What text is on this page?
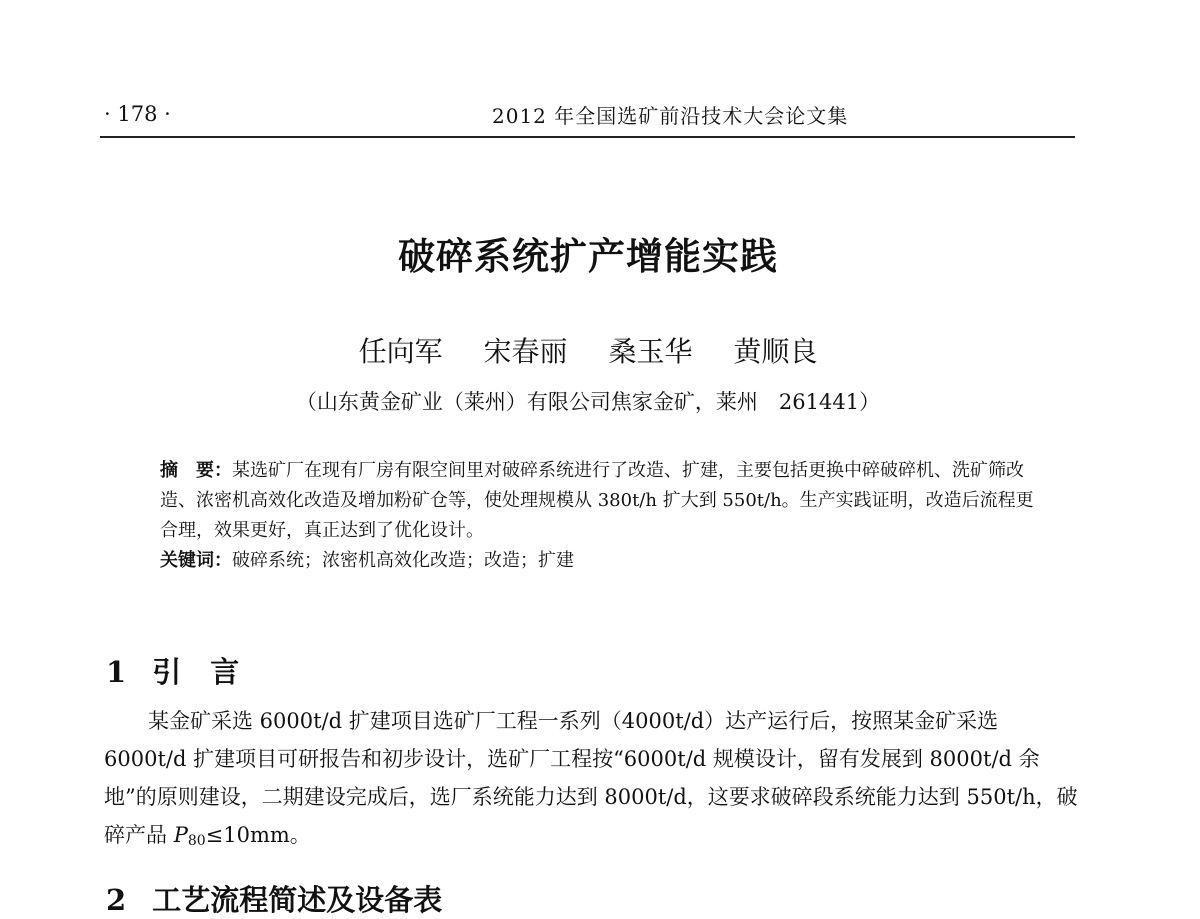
· 178 ·	2012 年全国选矿前沿技术大会论文集
破碎系统扩产增能实践
任向军 宋春丽 桑玉华 黄顺良
（山东黄金矿业（莱州）有限公司焦家金矿，莱州　261441）

摘　要：某选矿厂在现有厂房有限空间里对破碎系统进行了改造、扩建，主要包括更换中碎破碎机、洗矿筛改造、浓密机高效化改造及增加粉矿仓等，使处理规模从 380t/h 扩大到 550t/h。生产实践证明，改造后流程更合理，效果更好，真正达到了优化设计。

关键词：破碎系统；浓密机高效化改造；改造；扩建

1 引　言

某金矿采选 6000t/d 扩建项目选矿厂工程一系列（4000t/d）达产运行后，按照某金矿采选 6000t/d 扩建项目可研报告和初步设计，选矿厂工程按“6000t/d 规模设计，留有发展到 8000t/d 余地”的原则建设，二期建设完成后，选厂系统能力达到 8000t/d，这要求破碎段系统能力达到 550t/h，破碎产品 $P_{80}\le 10mm$。

2 工艺流程简述及设备表
